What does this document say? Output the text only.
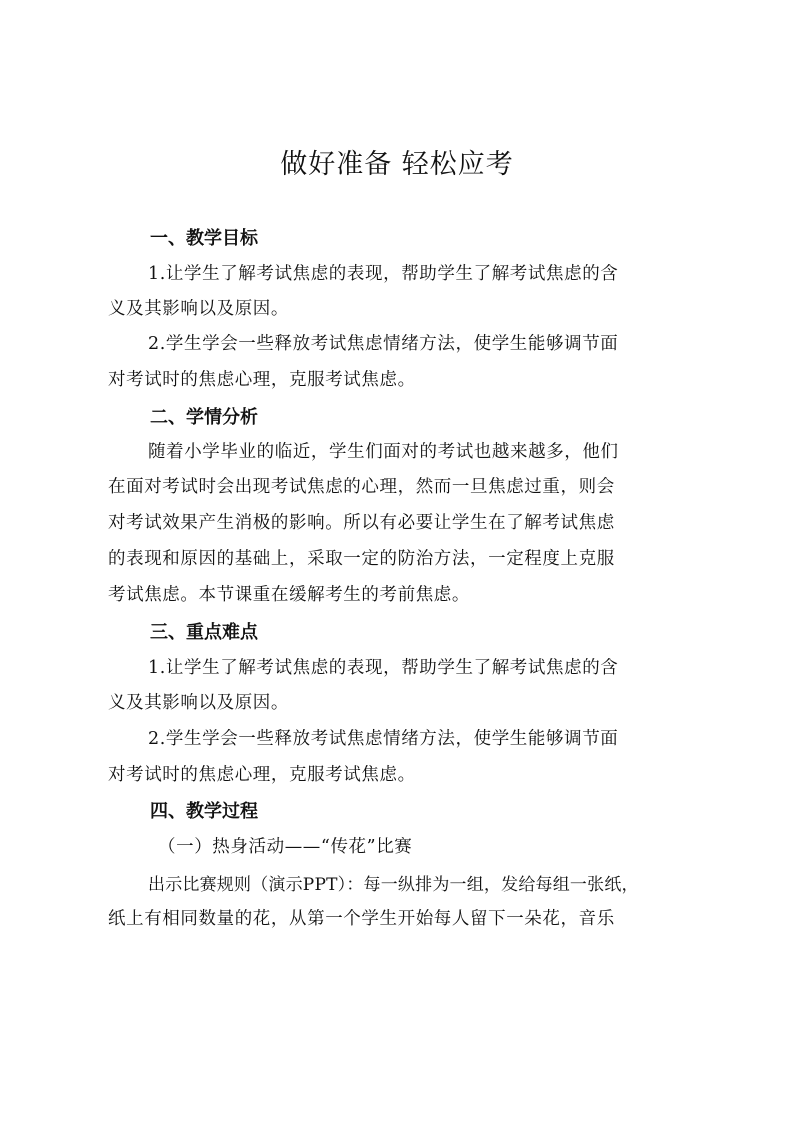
做好准备 轻松应考
一、教学目标
1.让学生了解考试焦虑的表现，帮助学生了解考试焦虑的含
义及其影响以及原因。
2.学生学会一些释放考试焦虑情绪方法，使学生能够调节面
对考试时的焦虑心理，克服考试焦虑。
二、学情分析
随着小学毕业的临近，学生们面对的考试也越来越多，他们
在面对考试时会出现考试焦虑的心理，然而一旦焦虑过重，则会
对考试效果产生消极的影响。所以有必要让学生在了解考试焦虑
的表现和原因的基础上，采取一定的防治方法，一定程度上克服
考试焦虑。本节课重在缓解考生的考前焦虑。
三、重点难点
1.让学生了解考试焦虑的表现，帮助学生了解考试焦虑的含
义及其影响以及原因。
2.学生学会一些释放考试焦虑情绪方法，使学生能够调节面
对考试时的焦虑心理，克服考试焦虑。
四、教学过程
（一）热身活动——“传花”比赛
出示比赛规则（演示PPT）：每一纵排为一组，发给每组一张纸，
纸上有相同数量的花，从第一个学生开始每人留下一朵花，音乐
